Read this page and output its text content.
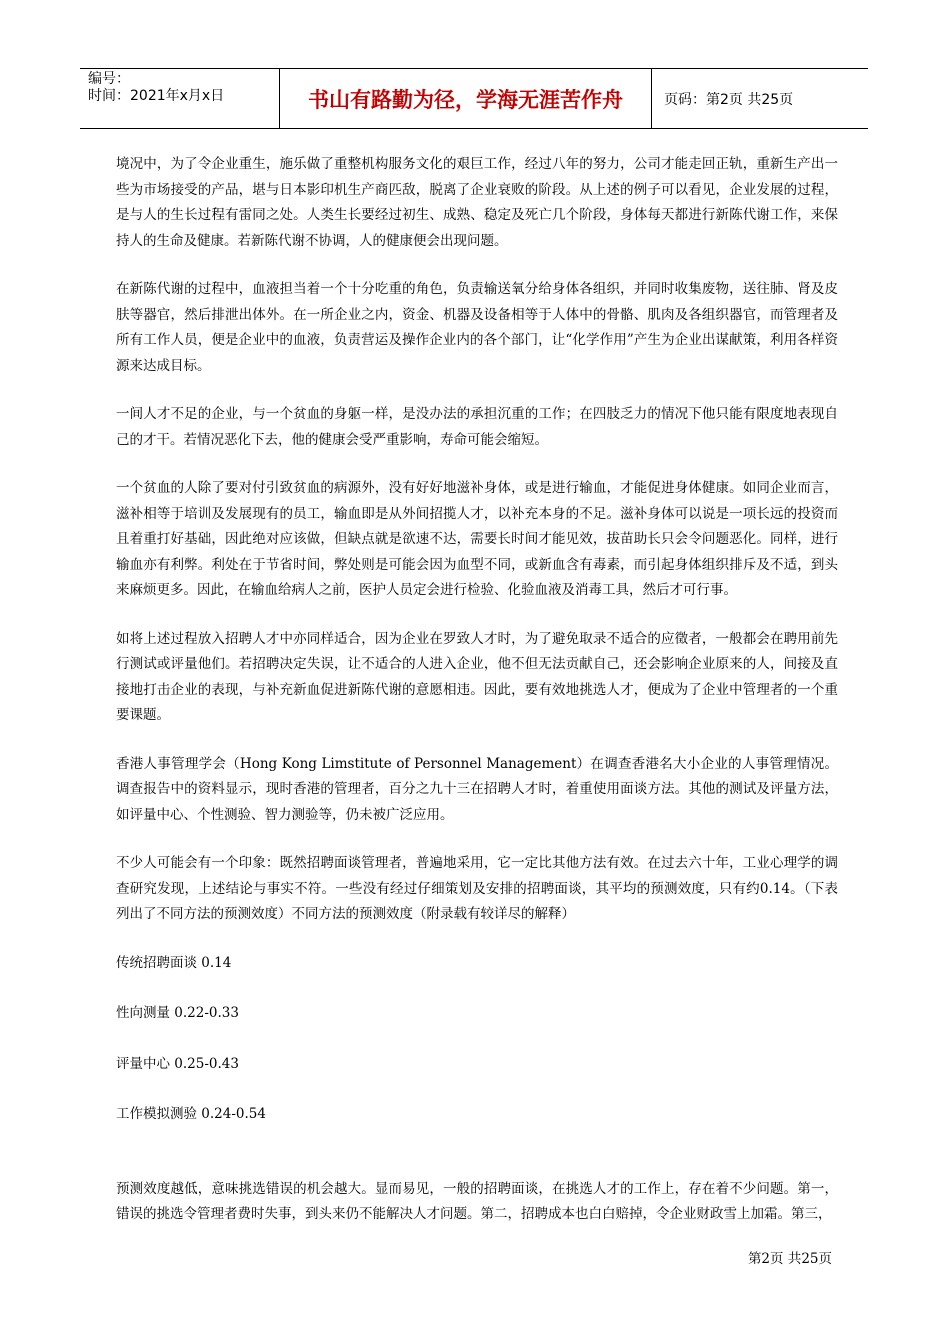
编号：
时间：2021年x月x日	书山有路勤为径，学海无涯苦作舟	页码：第2页 共25页

境况中，为了令企业重生，施乐做了重整机构服务文化的艰巨工作，经过八年的努力，公司才能走回正轨，重新生产出一些为市场接受的产品，堪与日本影印机生产商匹敌，脱离了企业衰败的阶段。从上述的例子可以看见，企业发展的过程，是与人的生长过程有雷同之处。人类生长要经过初生、成熟、稳定及死亡几个阶段，身体每天都进行新陈代谢工作，来保持人的生命及健康。若新陈代谢不协调，人的健康便会出现问题。

在新陈代谢的过程中，血液担当着一个十分吃重的角色，负责输送氧分给身体各组织，并同时收集废物，送往肺、肾及皮肤等器官，然后排泄出体外。在一所企业之内，资金、机器及设备相等于人体中的骨骼、肌肉及各组织器官，而管理者及所有工作人员，便是企业中的血液，负责营运及操作企业内的各个部门，让“化学作用”产生为企业出谋献策，利用各样资源来达成目标。

一间人才不足的企业，与一个贫血的身躯一样，是没办法的承担沉重的工作；在四肢乏力的情况下他只能有限度地表现自己的才干。若情况恶化下去，他的健康会受严重影响，寿命可能会缩短。

一个贫血的人除了要对付引致贫血的病源外，没有好好地滋补身体，或是进行输血，才能促进身体健康。如同企业而言，滋补相等于培训及发展现有的员工，输血即是从外间招揽人才，以补充本身的不足。滋补身体可以说是一项长远的投资而且着重打好基础，因此绝对应该做，但缺点就是欲速不达，需要长时间才能见效，拔苗助长只会令问题恶化。同样，进行输血亦有利弊。利处在于节省时间，弊处则是可能会因为血型不同，或新血含有毒素，而引起身体组织排斥及不适，到头来麻烦更多。因此，在输血给病人之前，医护人员定会进行检验、化验血液及消毒工具，然后才可行事。

如将上述过程放入招聘人才中亦同样适合，因为企业在罗致人才时，为了避免取录不适合的应徵者，一般都会在聘用前先行测试或评量他们。若招聘决定失误，让不适合的人进入企业，他不但无法贡献自己，还会影响企业原来的人，间接及直接地打击企业的表现，与补充新血促进新陈代谢的意愿相违。因此，要有效地挑选人才，便成为了企业中管理者的一个重要课题。

香港人事管理学会（Hong Kong Limstitute of Personnel Management）在调查香港名大小企业的人事管理情况。调查报告中的资料显示，现时香港的管理者，百分之九十三在招聘人才时，着重使用面谈方法。其他的测试及评量方法，如评量中心、个性测验、智力测验等，仍未被广泛应用。

不少人可能会有一个印象：既然招聘面谈管理者，普遍地采用，它一定比其他方法有效。在过去六十年，工业心理学的调查研究发现，上述结论与事实不符。一些没有经过仔细策划及安排的招聘面谈，其平均的预测效度，只有约0.14。（下表列出了不同方法的预测效度）不同方法的预测效度（附录载有较详尽的解释）

传统招聘面谈 0.14

性向测量 0.22-0.33

评量中心 0.25-0.43

工作模拟测验 0.24-0.54

预测效度越低，意味挑选错误的机会越大。显而易见，一般的招聘面谈，在挑选人才的工作上，存在着不少问题。第一，错误的挑选令管理者费时失事，到头来仍不能解决人才问题。第二，招聘成本也白白赔掉，令企业财政雪上加霜。第三，

第2页 共25页
